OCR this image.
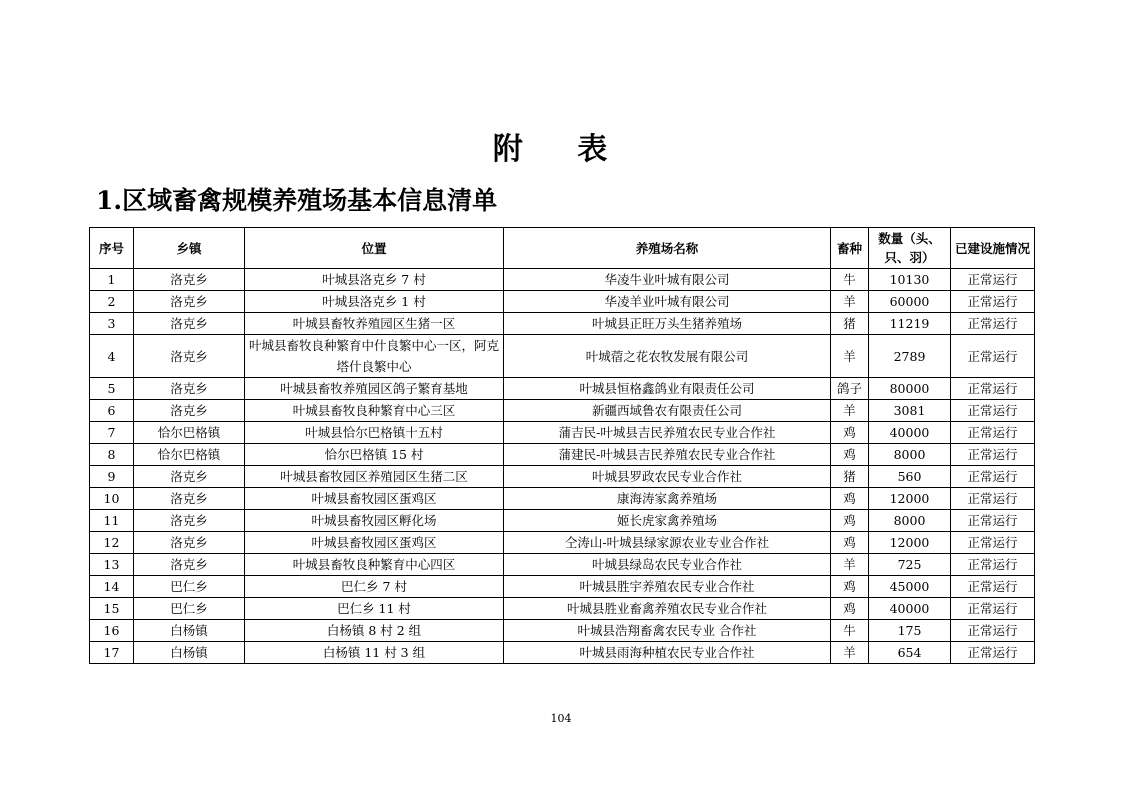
附 表
1.区域畜禽规模养殖场基本信息清单
序号	乡镇	位置	养殖场名称	畜种	数量（头、只、羽）	已建设施情况
1	洛克乡	叶城县洛克乡 7 村	华凌牛业叶城有限公司	牛	10130	正常运行
2	洛克乡	叶城县洛克乡 1 村	华凌羊业叶城有限公司	羊	60000	正常运行
3	洛克乡	叶城县畜牧养殖园区生猪一区	叶城县正旺万头生猪养殖场	猪	11219	正常运行
4	洛克乡	叶城县畜牧良种繁育中什良繁中心一区，阿克塔什良繁中心	叶城蓿之花农牧发展有限公司	羊	2789	正常运行
5	洛克乡	叶城县畜牧养殖园区鸽子繁育基地	叶城县恒格鑫鸽业有限责任公司	鸽子	80000	正常运行
6	洛克乡	叶城县畜牧良种繁育中心三区	新疆西域鲁农有限责任公司	羊	3081	正常运行
7	恰尔巴格镇	叶城县恰尔巴格镇十五村	蒲吉民-叶城县吉民养殖农民专业合作社	鸡	40000	正常运行
8	恰尔巴格镇	恰尔巴格镇 15 村	蒲建民-叶城县吉民养殖农民专业合作社	鸡	8000	正常运行
9	洛克乡	叶城县畜牧园区养殖园区生猪二区	叶城县罗政农民专业合作社	猪	560	正常运行
10	洛克乡	叶城县畜牧园区蛋鸡区	康海涛家禽养殖场	鸡	12000	正常运行
11	洛克乡	叶城县畜牧园区孵化场	姬长虎家禽养殖场	鸡	8000	正常运行
12	洛克乡	叶城县畜牧园区蛋鸡区	仝涛山-叶城县绿家源农业专业合作社	鸡	12000	正常运行
13	洛克乡	叶城县畜牧良种繁育中心四区	叶城县绿岛农民专业合作社	羊	725	正常运行
14	巴仁乡	巴仁乡 7 村	叶城县胜宇养殖农民专业合作社	鸡	45000	正常运行
15	巴仁乡	巴仁乡 11 村	叶城县胜业畜禽养殖农民专业合作社	鸡	40000	正常运行
16	白杨镇	白杨镇 8 村 2 组	叶城县浩翔畜禽农民专业 合作社	牛	175	正常运行
17	白杨镇	白杨镇 11 村 3 组	叶城县雨海种植农民专业合作社	羊	654	正常运行
104
